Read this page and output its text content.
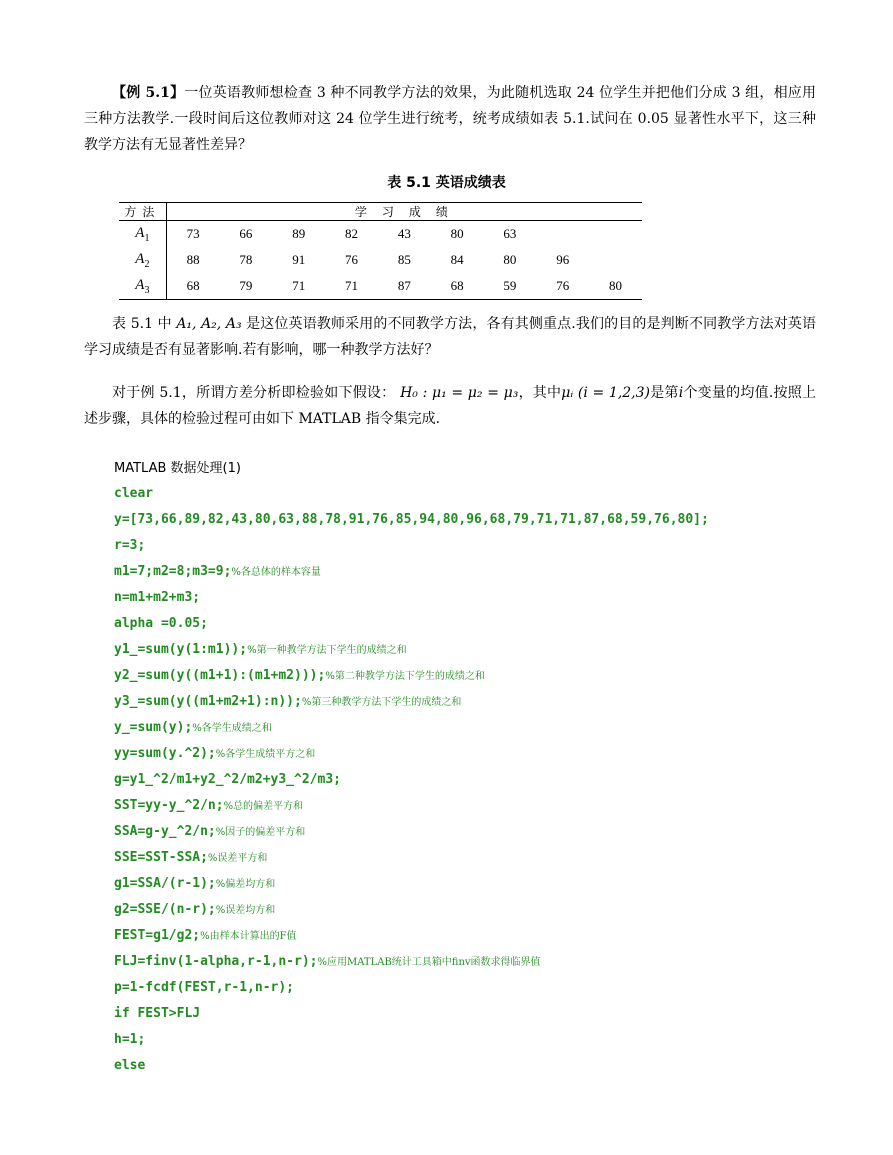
【例 5.1】一位英语教师想检查 3 种不同教学方法的效果，为此随机选取 24 位学生并把他们分成 3 组，相应用三种方法教学.一段时间后这位教师对这 24 位学生进行统考，统考成绩如表 5.1.试问在 0.05 显著性水平下，这三种教学方法有无显著性差异？
表 5.1 英语成绩表
方法	学 习 成 绩								
$A_1$	73	66	89	82	43	80	63		
$A_2$	88	78	91	76	85	84	80	96	
$A_3$	68	79	71	71	87	68	59	76	80
表 5.1 中 A₁, A₂, A₃ 是这位英语教师采用的不同教学方法，各有其侧重点.我们的目的是判断不同教学方法对英语学习成绩是否有显著影响.若有影响，哪一种教学方法好？
对于例 5.1，所谓方差分析即检验如下假设： H₀ : μ₁ = μ₂ = μ₃，其中μᵢ (i = 1,2,3)是第i个变量的均值.按照上述步骤，具体的检验过程可由如下 MATLAB 指令集完成.
MATLAB 数据处理(1)
clear
y=[73,66,89,82,43,80,63,88,78,91,76,85,94,80,96,68,79,71,71,87,68,59,76,80];
r=3;
m1=7;m2=8;m3=9;%各总体的样本容量
n=m1+m2+m3;
alpha =0.05;
y1_=sum(y(1:m1));%第一种教学方法下学生的成绩之和
y2_=sum(y((m1+1):(m1+m2)));%第二种教学方法下学生的成绩之和
y3_=sum(y((m1+m2+1):n));%第三种教学方法下学生的成绩之和
y_=sum(y);%各学生成绩之和
yy=sum(y.^2);%各学生成绩平方之和
g=y1_^2/m1+y2_^2/m2+y3_^2/m3;
SST=yy-y_^2/n;%总的偏差平方和
SSA=g-y_^2/n;%因子的偏差平方和
SSE=SST-SSA;%误差平方和
g1=SSA/(r-1);%偏差均方和
g2=SSE/(n-r);%误差均方和
FEST=g1/g2;%由样本计算出的F值
FLJ=finv(1-alpha,r-1,n-r);%应用MATLAB统计工具箱中finv函数求得临界值
p=1-fcdf(FEST,r-1,n-r);
if FEST>FLJ
h=1;
else
